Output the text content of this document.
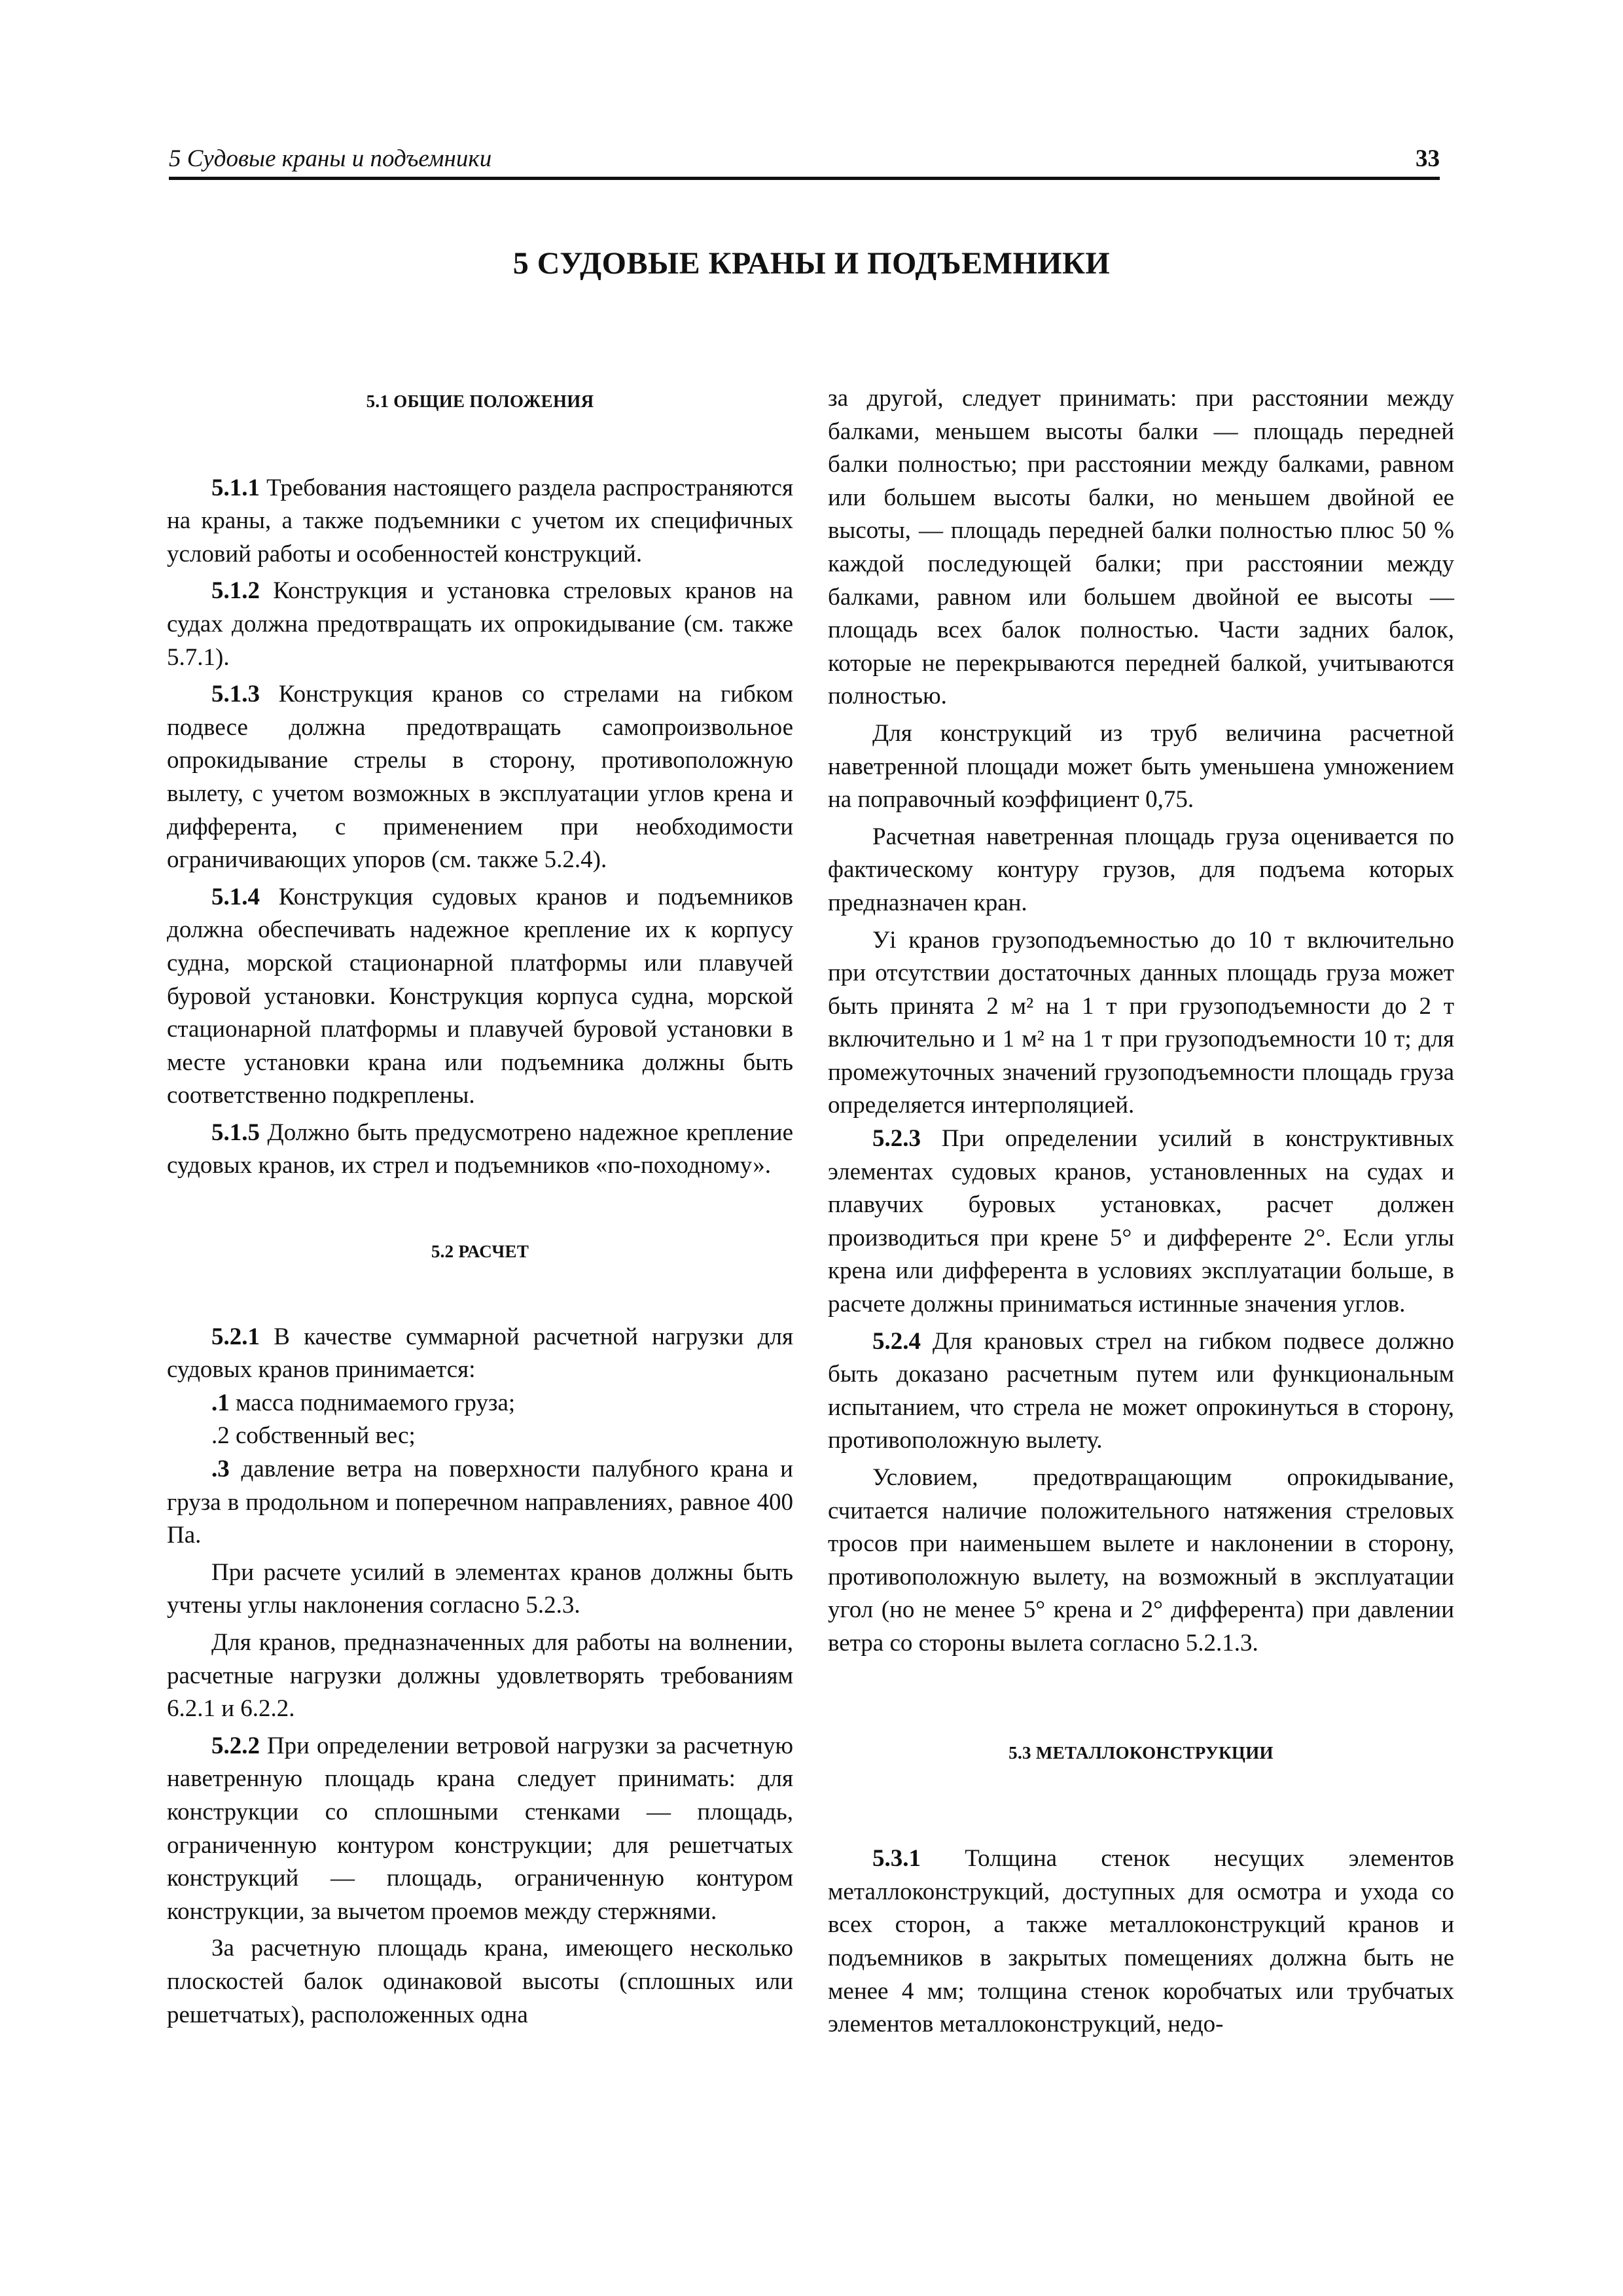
5 Судовые краны и подъемники	33
5 СУДОВЫЕ КРАНЫ И ПОДЪЕМНИКИ

5.1 ОБЩИЕ ПОЛОЖЕНИЯ

5.1.1 Требования настоящего раздела распространяются на краны, а также подъемники с учетом их специфичных условий работы и особенностей конструкций.

5.1.2 Конструкция и установка стреловых кранов на судах должна предотвращать их опрокидывание (см. также 5.7.1).

5.1.3 Конструкция кранов со стрелами на гибком подвесе должна предотвращать самопроизвольное опрокидывание стрелы в сторону, противоположную вылету, с учетом возможных в эксплуатации углов крена и дифферента, с применением при необходимости ограничивающих упоров (см. также 5.2.4).

5.1.4 Конструкция судовых кранов и подъемников должна обеспечивать надежное крепление их к корпусу судна, морской стационарной платформы или плавучей буровой установки. Конструкция корпуса судна, морской стационарной платформы и плавучей буровой установки в месте установки крана или подъемника должны быть соответственно подкреплены.

5.1.5 Должно быть предусмотрено надежное крепление судовых кранов, их стрел и подъемников «по-походному».

5.2 РАСЧЕТ

5.2.1 В качестве суммарной расчетной нагрузки для судовых кранов принимается:

.1 масса поднимаемого груза;

.2 собственный вес;

.3 давление ветра на поверхности палубного крана и груза в продольном и поперечном направлениях, равное 400 Па.

При расчете усилий в элементах кранов должны быть учтены углы наклонения согласно 5.2.3.

Для кранов, предназначенных для работы на волнении, расчетные нагрузки должны удовлетворять требованиям 6.2.1 и 6.2.2.

5.2.2 При определении ветровой нагрузки за расчетную наветренную площадь крана следует принимать: для конструкции со сплошными стенками — площадь, ограниченную контуром конструкции; для решетчатых конструкций — площадь, ограниченную контуром конструкции, за вычетом проемов между стержнями.

За расчетную площадь крана, имеющего несколько плоскостей балок одинаковой высоты (сплошных или решетчатых), расположенных одна

за другой, следует принимать: при расстоянии между балками, меньшем высоты балки — площадь передней балки полностью; при расстоянии между балками, равном или большем высоты балки, но меньшем двойной ее высоты, — площадь передней балки полностью плюс 50 % каждой последующей балки; при расстоянии между балками, равном или большем двойной ее высоты — площадь всех балок полностью. Части задних балок, которые не перекрываются передней балкой, учитываются полностью.

Для конструкций из труб величина расчетной наветренной площади может быть уменьшена умножением на поправочный коэффициент 0,75.

Расчетная наветренная площадь груза оценивается по фактическому контуру грузов, для подъема которых предназначен кран.

Уі кранов грузоподъемностью до 10 т включительно при отсутствии достаточных данных площадь груза может быть принята 2 м² на 1 т при грузоподъемности до 2 т включительно и 1 м² на 1 т при грузоподъемности 10 т; для промежуточных значений грузоподъемности площадь груза определяется интерполяцией.

5.2.3 При определении усилий в конструктивных элементах судовых кранов, установленных на судах и плавучих буровых установках, расчет должен производиться при крене 5° и дифференте 2°. Если углы крена или дифферента в условиях эксплуатации больше, в расчете должны приниматься истинные значения углов.

5.2.4 Для крановых стрел на гибком подвесе должно быть доказано расчетным путем или функциональным испытанием, что стрела не может опрокинуться в сторону, противоположную вылету.

Условием, предотвращающим опрокидывание, считается наличие положительного натяжения стреловых тросов при наименьшем вылете и наклонении в сторону, противоположную вылету, на возможный в эксплуатации угол (но не менее 5° крена и 2° дифферента) при давлении ветра со стороны вылета согласно 5.2.1.3.

5.3 МЕТАЛЛОКОНСТРУКЦИИ

5.3.1 Толщина стенок несущих элементов металлоконструкций, доступных для осмотра и ухода со всех сторон, а также металлоконструкций кранов и подъемников в закрытых помещениях должна быть не менее 4 мм; толщина стенок коробчатых или трубчатых элементов металлоконструкций, недо-
